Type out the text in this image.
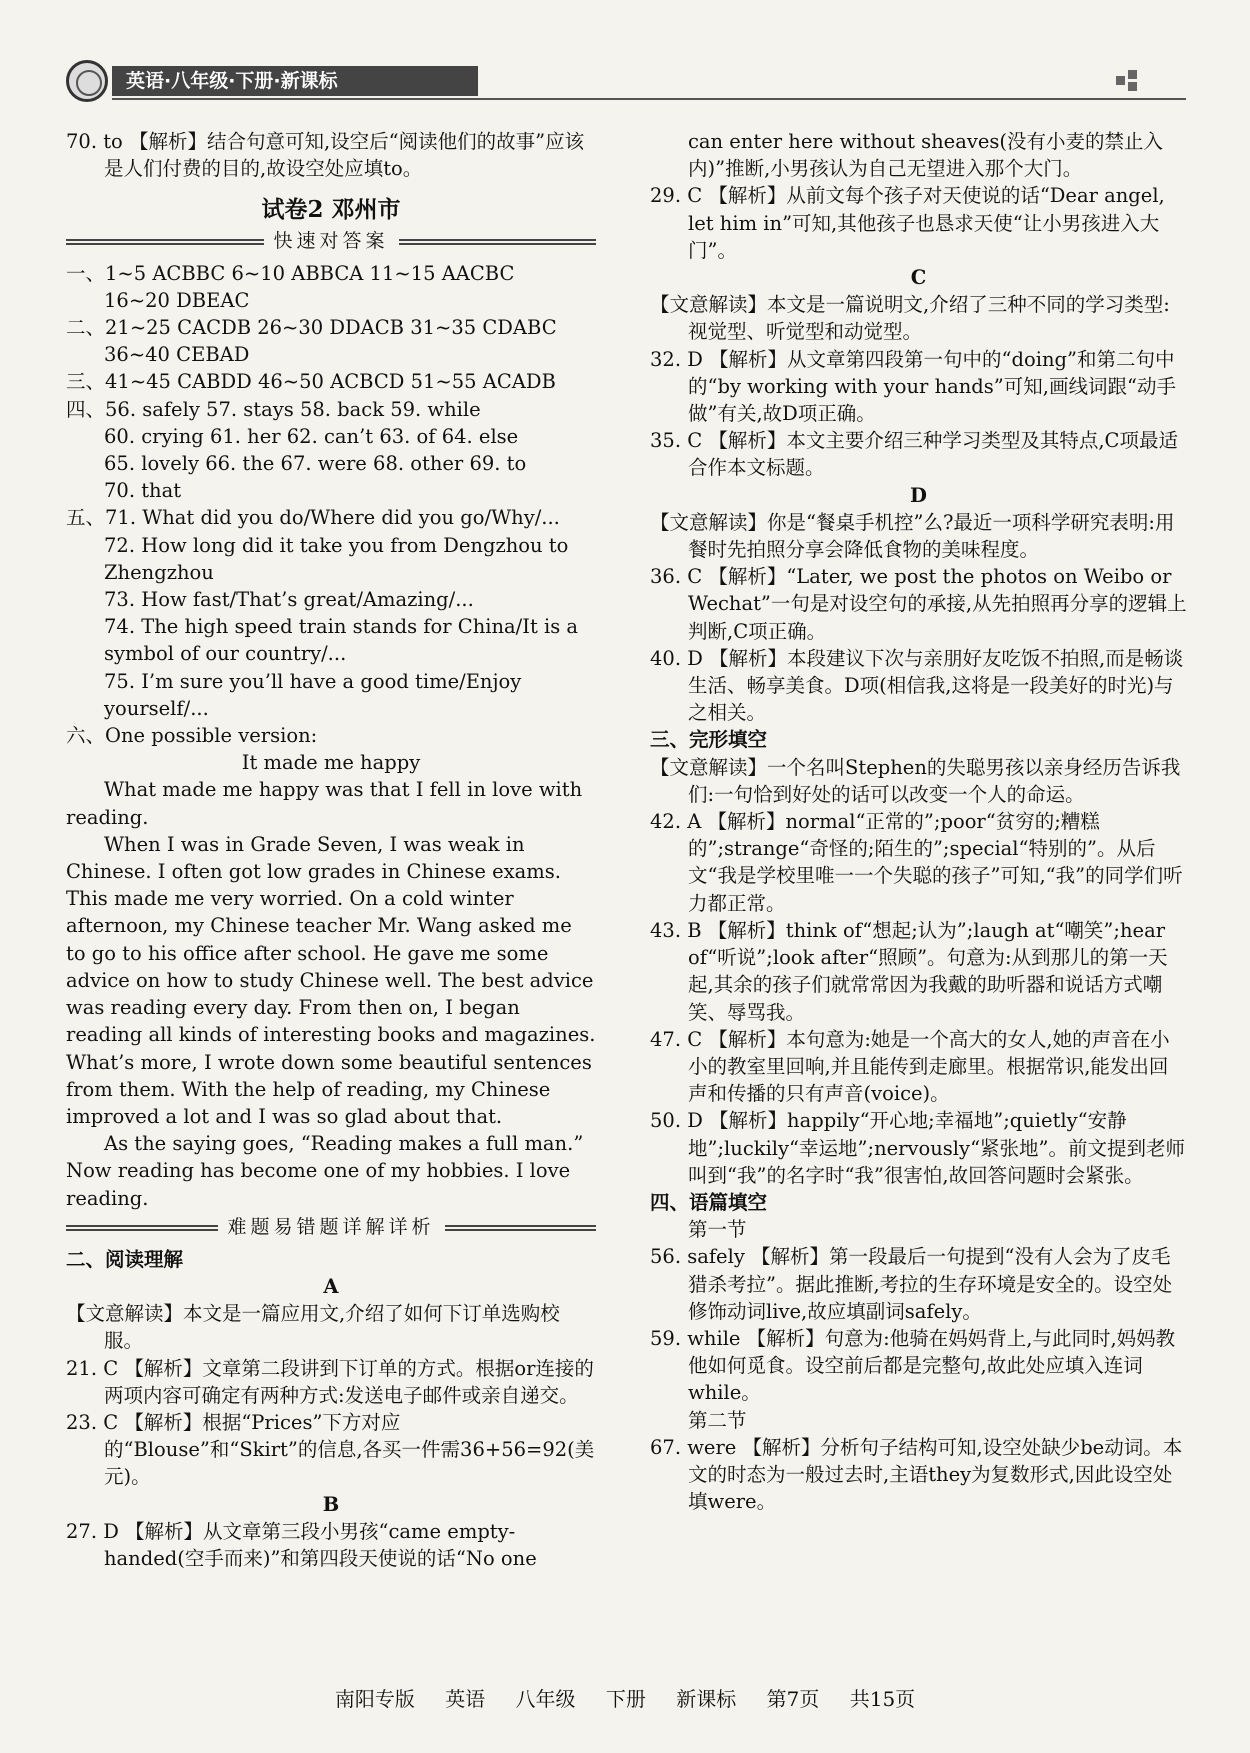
英语·八年级·下册·新课标

70. to 【解析】结合句意可知,设空后“阅读他们的故事”应该是人们付费的目的,故设空处应填to。

试卷2 邓州市

快速对答案

一、1~5 ACBBC 6~10 ABBCA 11~15 AACBC

16~20 DBEAC

二、21~25 CACDB 26~30 DDACB 31~35 CDABC

36~40 CEBAD

三、41~45 CABDD 46~50 ACBCD 51~55 ACADB

四、56. safely 57. stays 58. back 59. while

60. crying 61. her 62. can’t 63. of 64. else

65. lovely 66. the 67. were 68. other 69. to

70. that

五、71. What did you do/Where did you go/Why/...

72. How long did it take you from Dengzhou to Zhengzhou

73. How fast/That’s great/Amazing/...

74. The high speed train stands for China/It is a symbol of our country/...

75. I’m sure you’ll have a good time/Enjoy yourself/...

六、One possible version:

It made me happy

What made me happy was that I fell in love with reading.

When I was in Grade Seven, I was weak in Chinese. I often got low grades in Chinese exams. This made me very worried. On a cold winter afternoon, my Chinese teacher Mr. Wang asked me to go to his office after school. He gave me some advice on how to study Chinese well. The best advice was reading every day. From then on, I began reading all kinds of interesting books and magazines. What’s more, I wrote down some beautiful sentences from them. With the help of reading, my Chinese improved a lot and I was so glad about that.

As the saying goes, “Reading makes a full man.” Now reading has become one of my hobbies. I love reading.

难题易错题详解详析

二、阅读理解

A

【文意解读】本文是一篇应用文,介绍了如何下订单选购校服。

21. C 【解析】文章第二段讲到下订单的方式。根据or连接的两项内容可确定有两种方式:发送电子邮件或亲自递交。

23. C 【解析】根据“Prices”下方对应的“Blouse”和“Skirt”的信息,各买一件需36+56=92(美元)。

B

27. D 【解析】从文章第三段小男孩“came empty-handed(空手而来)”和第四段天使说的话“No one

can enter here without sheaves(没有小麦的禁止入内)”推断,小男孩认为自己无望进入那个大门。

29. C 【解析】从前文每个孩子对天使说的话“Dear angel, let him in”可知,其他孩子也恳求天使“让小男孩进入大门”。

C

【文意解读】本文是一篇说明文,介绍了三种不同的学习类型:视觉型、听觉型和动觉型。

32. D 【解析】从文章第四段第一句中的“doing”和第二句中的“by working with your hands”可知,画线词跟“动手做”有关,故D项正确。

35. C 【解析】本文主要介绍三种学习类型及其特点,C项最适合作本文标题。

D

【文意解读】你是“餐桌手机控”么?最近一项科学研究表明:用餐时先拍照分享会降低食物的美味程度。

36. C 【解析】“Later, we post the photos on Weibo or Wechat”一句是对设空句的承接,从先拍照再分享的逻辑上判断,C项正确。

40. D 【解析】本段建议下次与亲朋好友吃饭不拍照,而是畅谈生活、畅享美食。D项(相信我,这将是一段美好的时光)与之相关。

三、完形填空

【文意解读】一个名叫Stephen的失聪男孩以亲身经历告诉我们:一句恰到好处的话可以改变一个人的命运。

42. A 【解析】normal“正常的”;poor“贫穷的;糟糕的”;strange“奇怪的;陌生的”;special“特别的”。从后文“我是学校里唯一一个失聪的孩子”可知,“我”的同学们听力都正常。

43. B 【解析】think of“想起;认为”;laugh at“嘲笑”;hear of“听说”;look after“照顾”。句意为:从到那儿的第一天起,其余的孩子们就常常因为我戴的助听器和说话方式嘲笑、辱骂我。

47. C 【解析】本句意为:她是一个高大的女人,她的声音在小小的教室里回响,并且能传到走廊里。根据常识,能发出回声和传播的只有声音(voice)。

50. D 【解析】happily“开心地;幸福地”;quietly“安静地”;luckily“幸运地”;nervously“紧张地”。前文提到老师叫到“我”的名字时“我”很害怕,故回答问题时会紧张。

四、语篇填空

第一节

56. safely 【解析】第一段最后一句提到“没有人会为了皮毛猎杀考拉”。据此推断,考拉的生存环境是安全的。设空处修饰动词live,故应填副词safely。

59. while 【解析】句意为:他骑在妈妈背上,与此同时,妈妈教他如何觅食。设空前后都是完整句,故此处应填入连词while。

第二节

67. were 【解析】分析句子结构可知,设空处缺少be动词。本文的时态为一般过去时,主语they为复数形式,因此设空处填were。

南阳专版 英语 八年级 下册 新课标 第7页 共15页
